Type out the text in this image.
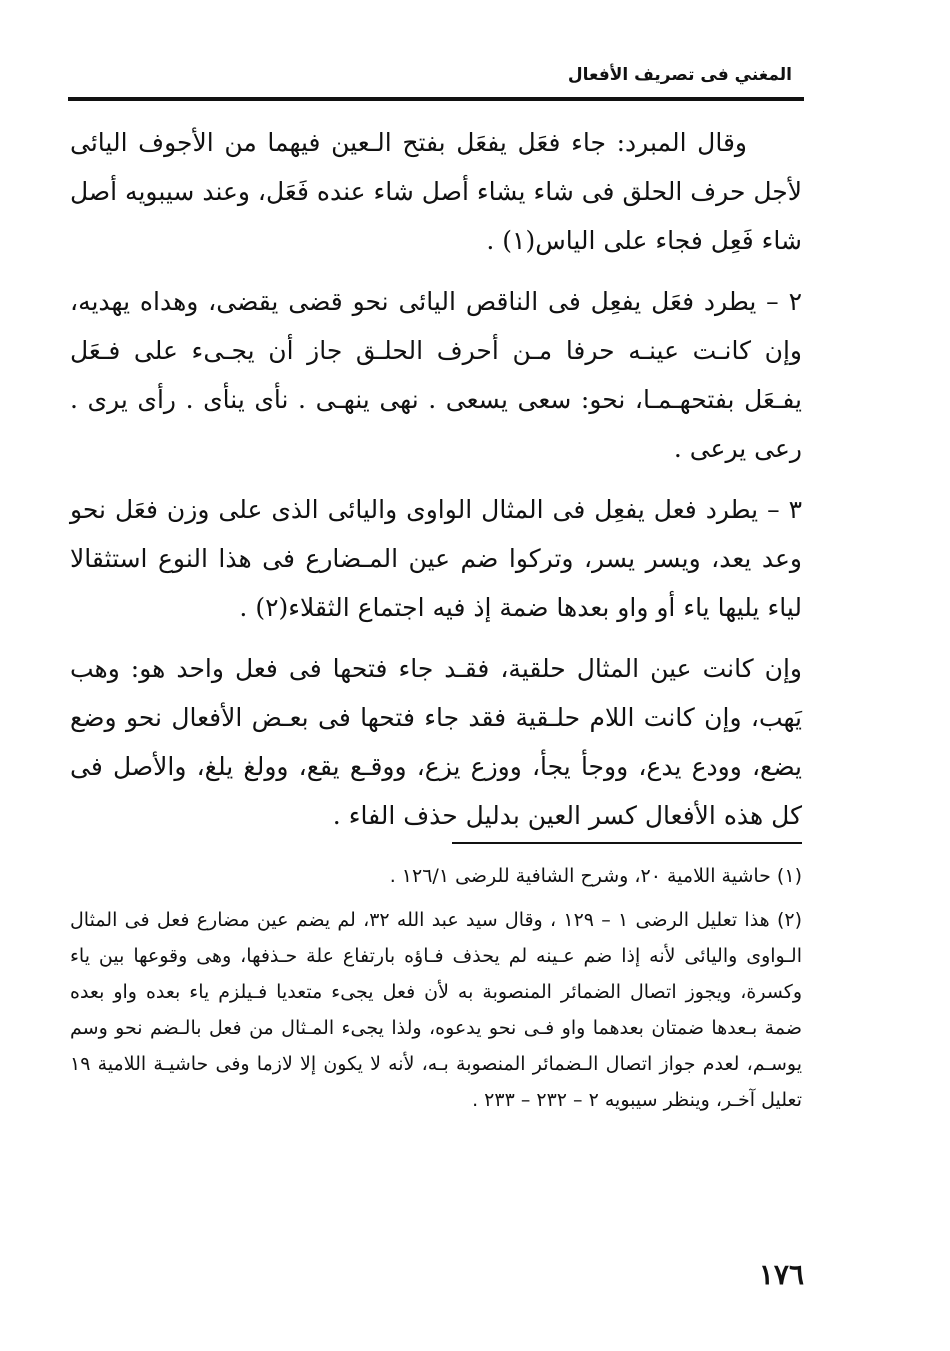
المغني فى تصريف الأفعال

وقال المبرد: جاء فعَل يفعَل بفتح الـعين فيهما من الأجوف اليائى لأجل حرف الحلق فى شاء يشاء أصل شاء عنده فَعَل، وعند سيبويه أصل شاء فَعِل فجاء على الياس(١) .

٢ – يطرد فعَل يفعِل فى الناقص اليائى نحو قضى يقضى، وهداه يهديه، وإن كانـت عينـه حرفا مـن أحرف الحلـق جاز أن يجـىء على فـعَل يفـعَل بفتحهـمـا، نحو: سعى يسعى . نهى ينهـى . نأى ينأى . رأى يرى . رعى يرعى .

٣ – يطرد فعل يفعِل فى المثال الواوى واليائى الذى على وزن فعَل نحو وعد يعد، ويسر يسر، وتركوا ضم عين المـضارع فى هذا النوع استثقالا لياء يليها ياء أو واو بعدها ضمة إذ فيه اجتماع الثقلاء(٢) .

وإن كانت عين المثال حلقية، فقـد جاء فتحها فى فعل واحد هو: وهب يَهب، وإن كانت اللام حلـقية فقد جاء فتحها فى بعـض الأفعال نحو وضع يضع، وودع يدع، ووجأ يجأ، ووزع يزع، ووقـع يقع، وولغ يلغ، والأصل فى كل هذه الأفعال كسر العين بدليل حذف الفاء .

(١) حاشية اللامية ٢٠، وشرح الشافية للرضى ١٢٦/١ .
(٢) هذا تعليل الرضى ١ – ١٢٩ ، وقال سيد عبد الله ٣٢، لم يضم عين مضارع فعل فى المثال الـواوى واليائى لأنه إذا ضم عـينه لم يحذف فـاؤه بارتفاع علة حـذفها، وهى وقوعها بين ياء وكسرة، ويجوز اتصال الضمائر المنصوبة به لأن فعل يجىء متعديا فـيلزم ياء بعده واو بعده ضمة بـعدها ضمتان بعدهما واو فـى نحو يدعوه، ولذا يجىء المـثال من فعل بالـضم نحو وسم يوسـم، لعدم جواز اتصال الـضمائر المنصوبة بـه، لأنه لا يكون إلا لازما وفى حاشيـة اللامية ١٩ تعليل آخـر، وينظر سيبويه ٢ – ٢٣٢ – ٢٣٣ .
١٧٦
